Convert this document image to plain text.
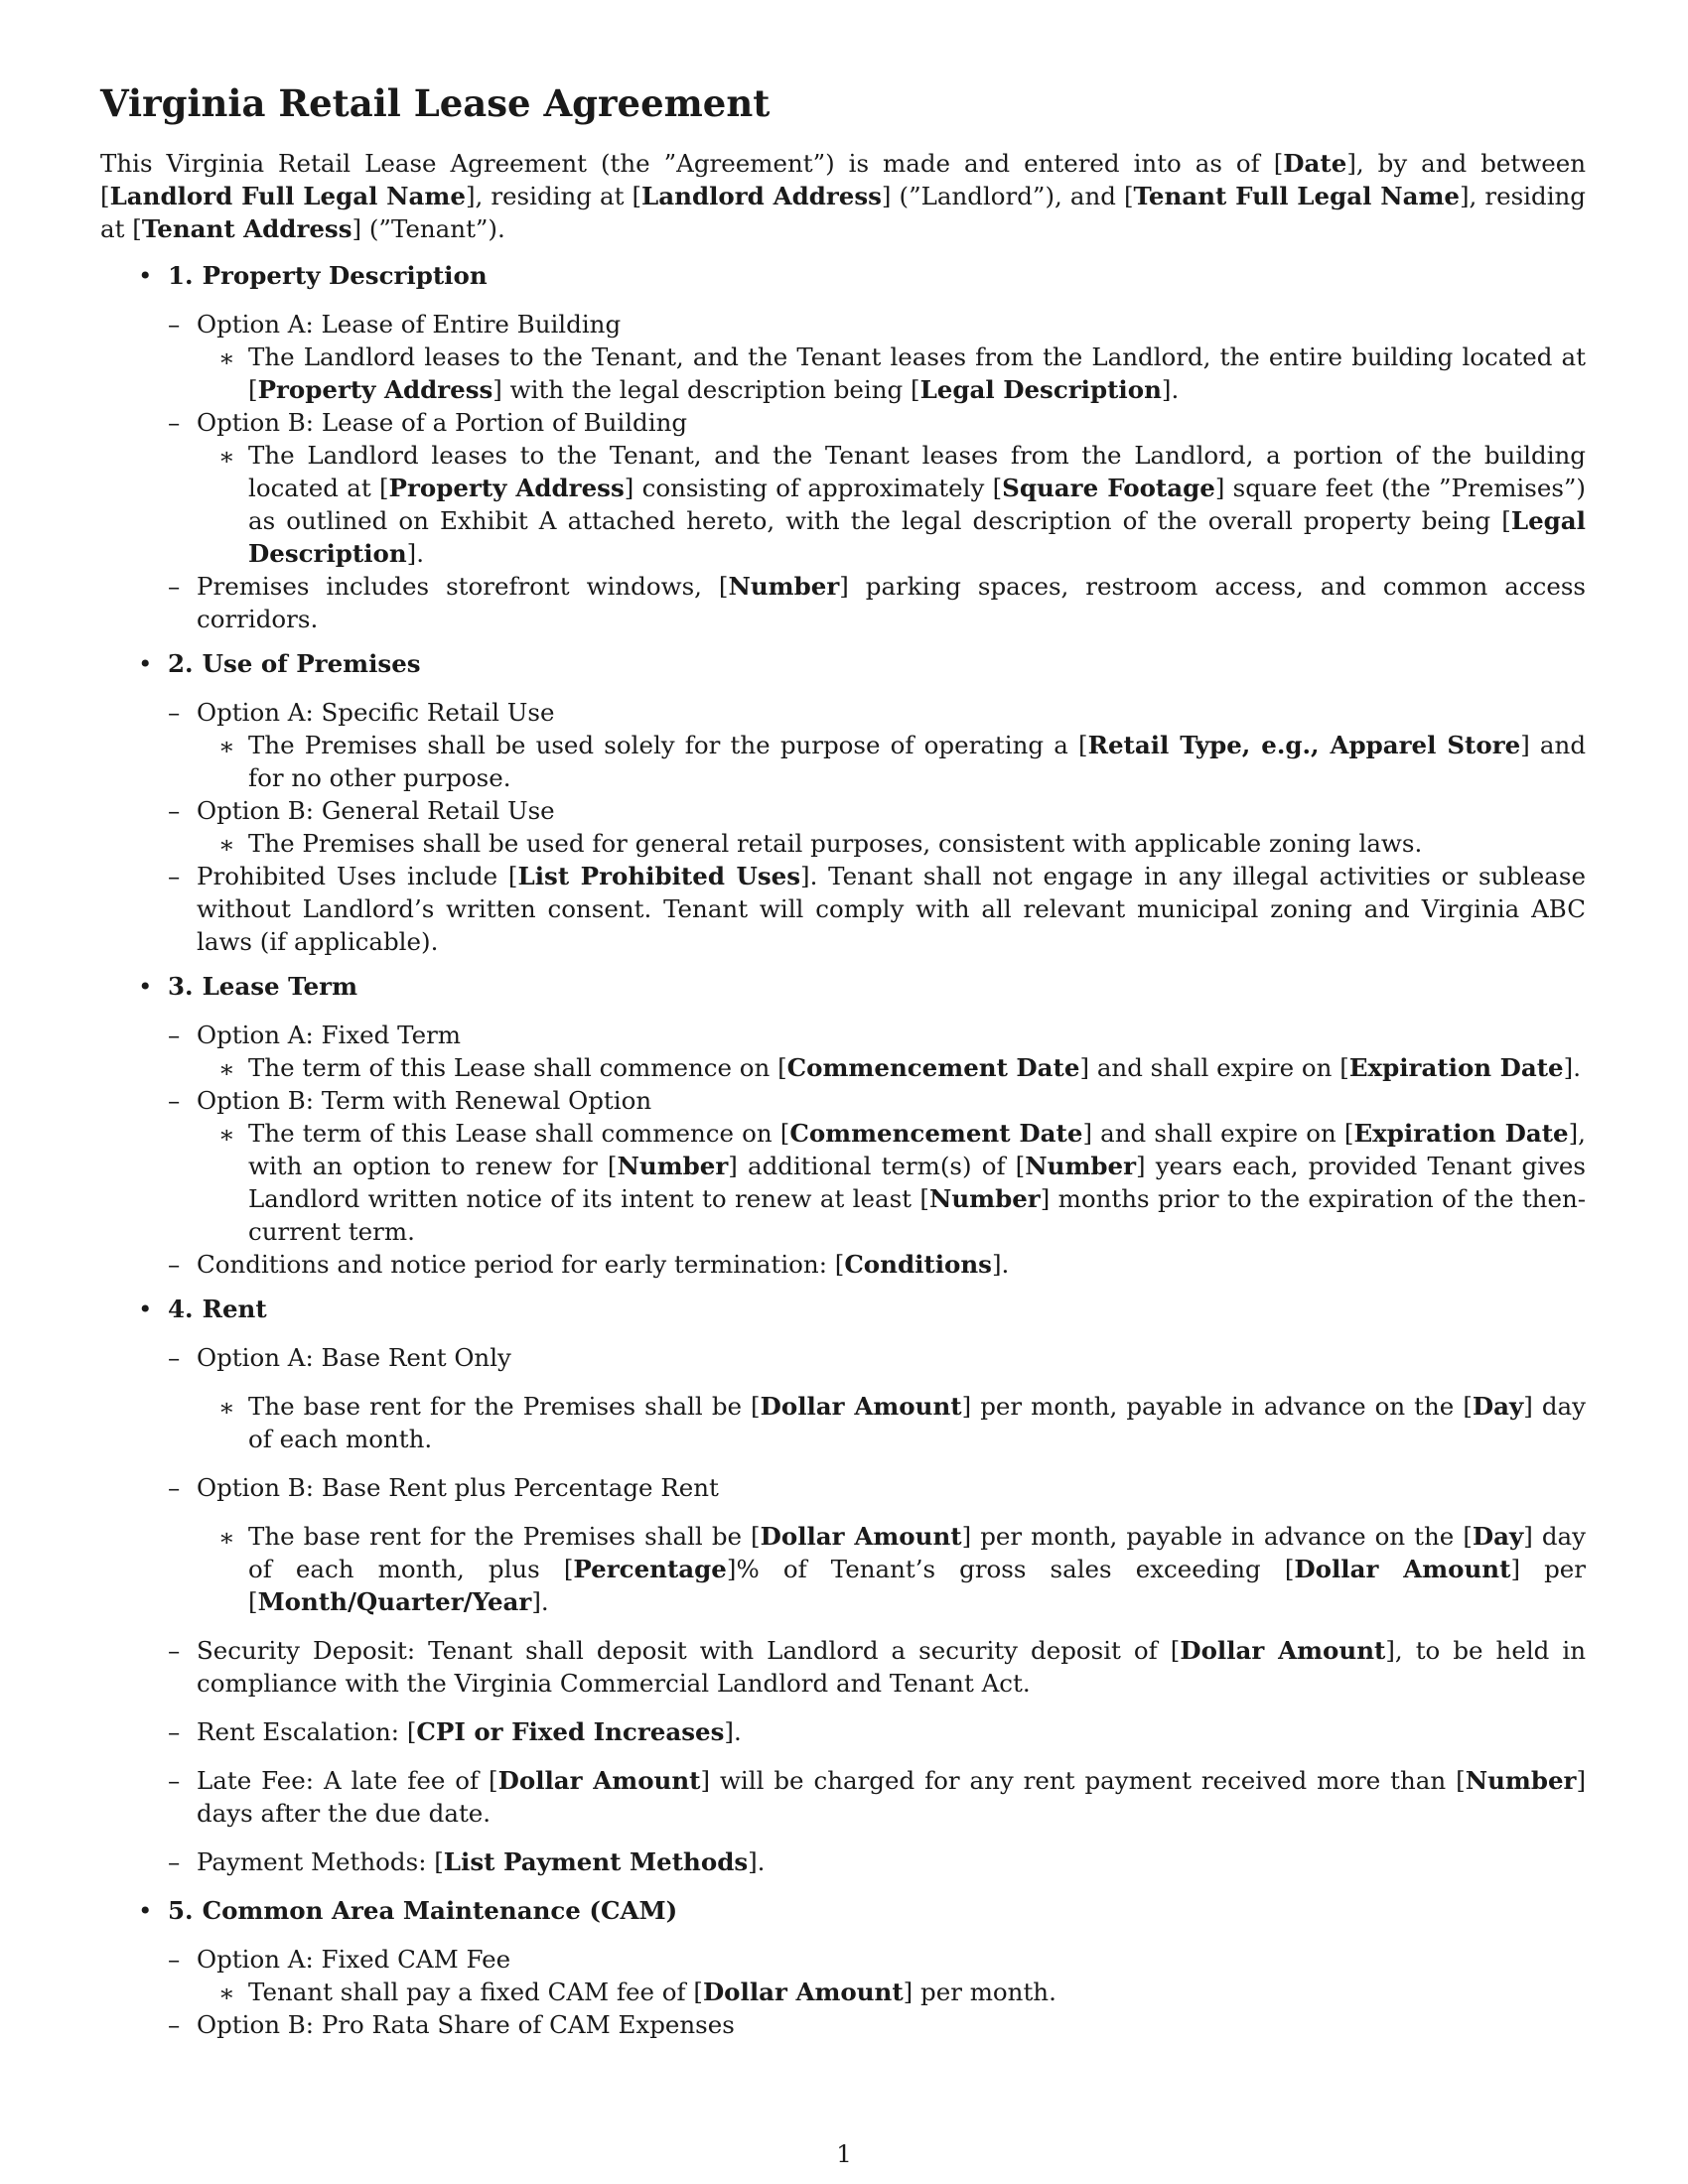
Virginia Retail Lease Agreement

This Virginia Retail Lease Agreement (the ”Agreement”) is made and entered into as of [Date], by and between [Landlord Full Legal Name], residing at [Landlord Address] (”Landlord”), and [Tenant Full Legal Name], residing at [Tenant Address] (”Tenant”).

• 1. Property Description
– Option A: Lease of Entire Building
∗ The Landlord leases to the Tenant, and the Tenant leases from the Landlord, the entire building located at [Property Address] with the legal description being [Legal Description].
– Option B: Lease of a Portion of Building
∗ The Landlord leases to the Tenant, and the Tenant leases from the Landlord, a portion of the building located at [Property Address] consisting of approximately [Square Footage] square feet (the ”Premises”) as outlined on Exhibit A attached hereto, with the legal description of the overall property being [Legal Description].
– Premises includes storefront windows, [Number] parking spaces, restroom access, and common access corridors.
• 2. Use of Premises
– Option A: Specific Retail Use
∗ The Premises shall be used solely for the purpose of operating a [Retail Type, e.g., Apparel Store] and for no other purpose.
– Option B: General Retail Use
∗ The Premises shall be used for general retail purposes, consistent with applicable zoning laws.
– Prohibited Uses include [List Prohibited Uses]. Tenant shall not engage in any illegal activities or sublease without Landlord’s written consent. Tenant will comply with all relevant municipal zoning and Virginia ABC laws (if applicable).
• 3. Lease Term
– Option A: Fixed Term
∗ The term of this Lease shall commence on [Commencement Date] and shall expire on [Expiration Date].
– Option B: Term with Renewal Option
∗ The term of this Lease shall commence on [Commencement Date] and shall expire on [Expiration Date], with an option to renew for [Number] additional term(s) of [Number] years each, provided Tenant gives Landlord written notice of its intent to renew at least [Number] months prior to the expiration of the then-current term.
– Conditions and notice period for early termination: [Conditions].
• 4. Rent
– Option A: Base Rent Only
∗ The base rent for the Premises shall be [Dollar Amount] per month, payable in advance on the [Day] day of each month.
– Option B: Base Rent plus Percentage Rent
∗ The base rent for the Premises shall be [Dollar Amount] per month, payable in advance on the [Day] day of each month, plus [Percentage]% of Tenant’s gross sales exceeding [Dollar Amount] per [Month/Quarter/Year].
– Security Deposit: Tenant shall deposit with Landlord a security deposit of [Dollar Amount], to be held in compliance with the Virginia Commercial Landlord and Tenant Act.
– Rent Escalation: [CPI or Fixed Increases].
– Late Fee: A late fee of [Dollar Amount] will be charged for any rent payment received more than [Number] days after the due date.
– Payment Methods: [List Payment Methods].
• 5. Common Area Maintenance (CAM)
– Option A: Fixed CAM Fee
∗ Tenant shall pay a fixed CAM fee of [Dollar Amount] per month.
– Option B: Pro Rata Share of CAM Expenses
1
